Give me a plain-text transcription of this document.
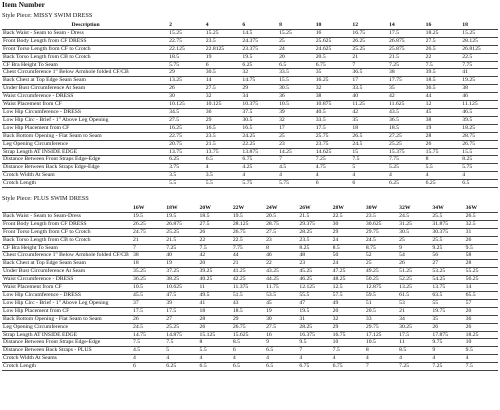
Item Number
Style Piece: MISSY SWIM DRESS
Description	2	4	6	8	10	12	14	16	18
Back Waist - Seam to Seam - Dress	15.25	15.25	14.5	15.25	16	16.75	17.5	18.25	15.25
Front Body Length from CF DRESS	22.75	23.5	24.375	25	25.625	26.25	26.875	27.5	28.125
Front Torso Length from CF to Crotch	22.125	22.8125	23.375	24	24.625	25.25	25.875	26.5	26.8125
Back Torso Length from CB to Crotch	18.5	19	19.5	20	20.5	21	21.5	22	22.5
CF Bra Height To Seam	5.75	6	6.25	6.5	6.75	7	7.25	7.5	7.75
Chest Circumference 1" Below Armhole folded CF/CB	29	30.5	32	33.5	35	36.5	38	39.5	41
Back Chest at Top Edge Seam Seam	13.25	14	14.75	15.5	16.25	17	17.75	18.5	19.25
Under Bust Circumference At Seam	26	27.5	29	30.5	32	33.5	35	36.5	38
Waist Circumference - DRESS	30	32	34	36	38	40	42	44	46
Waist Placement from CF	10.125	10.125	10.375	10.5	10.875	11.25	11.625	12	11.125
Low Hip Circumference - DRESS	34.5	36	37.5	39	40.5	42	43.5	45	46.5
Low Hip Circ - Brief - 1" Above Leg Opening	27.5	29	30.5	32	33.5	35	36.5	38	39.5
Low Hip Placement from CF	16.25	16.5	16.5	17	17.5	18	18.5	19	18.25
Back Bottom Opening - Flat Seam to Seam	22.75	23.5	24.25	25	25.75	26.5	27.25	28	28.75
Leg Opening Circumference	20.75	21.5	22.25	23	23.75	24.5	25.25	26	26.75
Strap Length AT INSIDE EDGE	13.75	13.75	13.875	14.25	14.625	15	15.375	15.75	15.5
Distance Between Front Straps Edge-Edge	6.25	6.5	6.75	7	7.25	7.5	7.75	8	8.25
Distance Between Back Straps Edge-Edge	3.75	4	4.25	4.5	4.75	5	5.25	5.5	5.75
Crotch Width At Seam	3.5	3.5	4	4	4	4	4	4	4
Crotch Length	5.5	5.5	5.75	5.75	6	6	6.25	6.25	6.5
Style Piece: PLUS SWIM DRESS
	16W	18W	20W	22W	24W	26W	28W	30W	32W	34W	36W
Back Waist - Seam to Seam-Dress	19.5	19.5	18.5	19.5	20.5	21.5	22.5	23.5	24.5	25.5	26.5
Front Body Length from CF DRESS	26.25	26.875	27.5	28.125	28.75	29.375	30	30.625	31.25	31.875	32.5
Front Torso Length from CF to Crotch	24.75	25.25	26	26.75	27.5	28.25	29	29.75	30.5	30.375	31
Back Torso Length from CB to Crotch	21	21.5	22	22.5	23	23.5	24	24.5	25	25.5	26
CF Bra Height To Seam	7	7.25	7.5	7.75	8	8.25	8.5	8.75	9	9.25	9.5
Chest Circumference 1" Below Armhole folded CF/CB	38	40	42	44	46	48	50	52	54	56	58
Back Chest at Top Edge Seam Seam	18	19	20	21	22	23	24	25	26	27	28
Under Bust Circumference At Seam	35.25	37.25	39.25	41.25	43.25	45.25	47.25	49.25	51.25	53.25	55.25
Waist Circumference - DRESS	36.25	38.25	40.25	42.25	44.25	46.25	48.25	50.25	52.25	54.25	56.25
Waist Placement from CF	10.5	10.625	11	11.375	11.75	12.125	12.5	12.875	13.25	13.75	14
Low Hip Circumference - DRESS	45.5	47.5	49.5	51.5	53.5	55.5	57.5	59.5	61.5	63.5	65.5
Low Hip Circ - Brief - 1" Above Leg Opening	37	39	41	43	45	47	49	51	53	55	57
Low Hip Placement from CF	17.5	17.5	18	18.5	19	19.5	20	20.5	21	19.75	20
Back Bottom Opening - Flat Seam to Seam	26	27	28	29	30	31	32	33	34	35	36
Leg Opening Circumference	24.5	25.25	26	26.75	27.5	28.25	29	29.75	30.25	26	26
Strap Length AT INSIDE EDGE	14.75	14.875	15.125	15.625	16	16.375	16.75	17.125	17.5	17.875	18.25
Distance Between Front Straps Edge-Edge	7.5	7.5	8	8.5	9	9.5	10	10.5	11	9.75	10
Distance Between Back Straps - PLUS	4.5	5	5.5	6	6.5	7	7.5	8	8.5	9	9.5
Crotch Width At Seams	4	4	4	4	4	4	4	4	4	4	4
Crotch Length	6	6.25	6.5	6.5	6.5	6.75	6.75	7	7.25	7.25	7.5
